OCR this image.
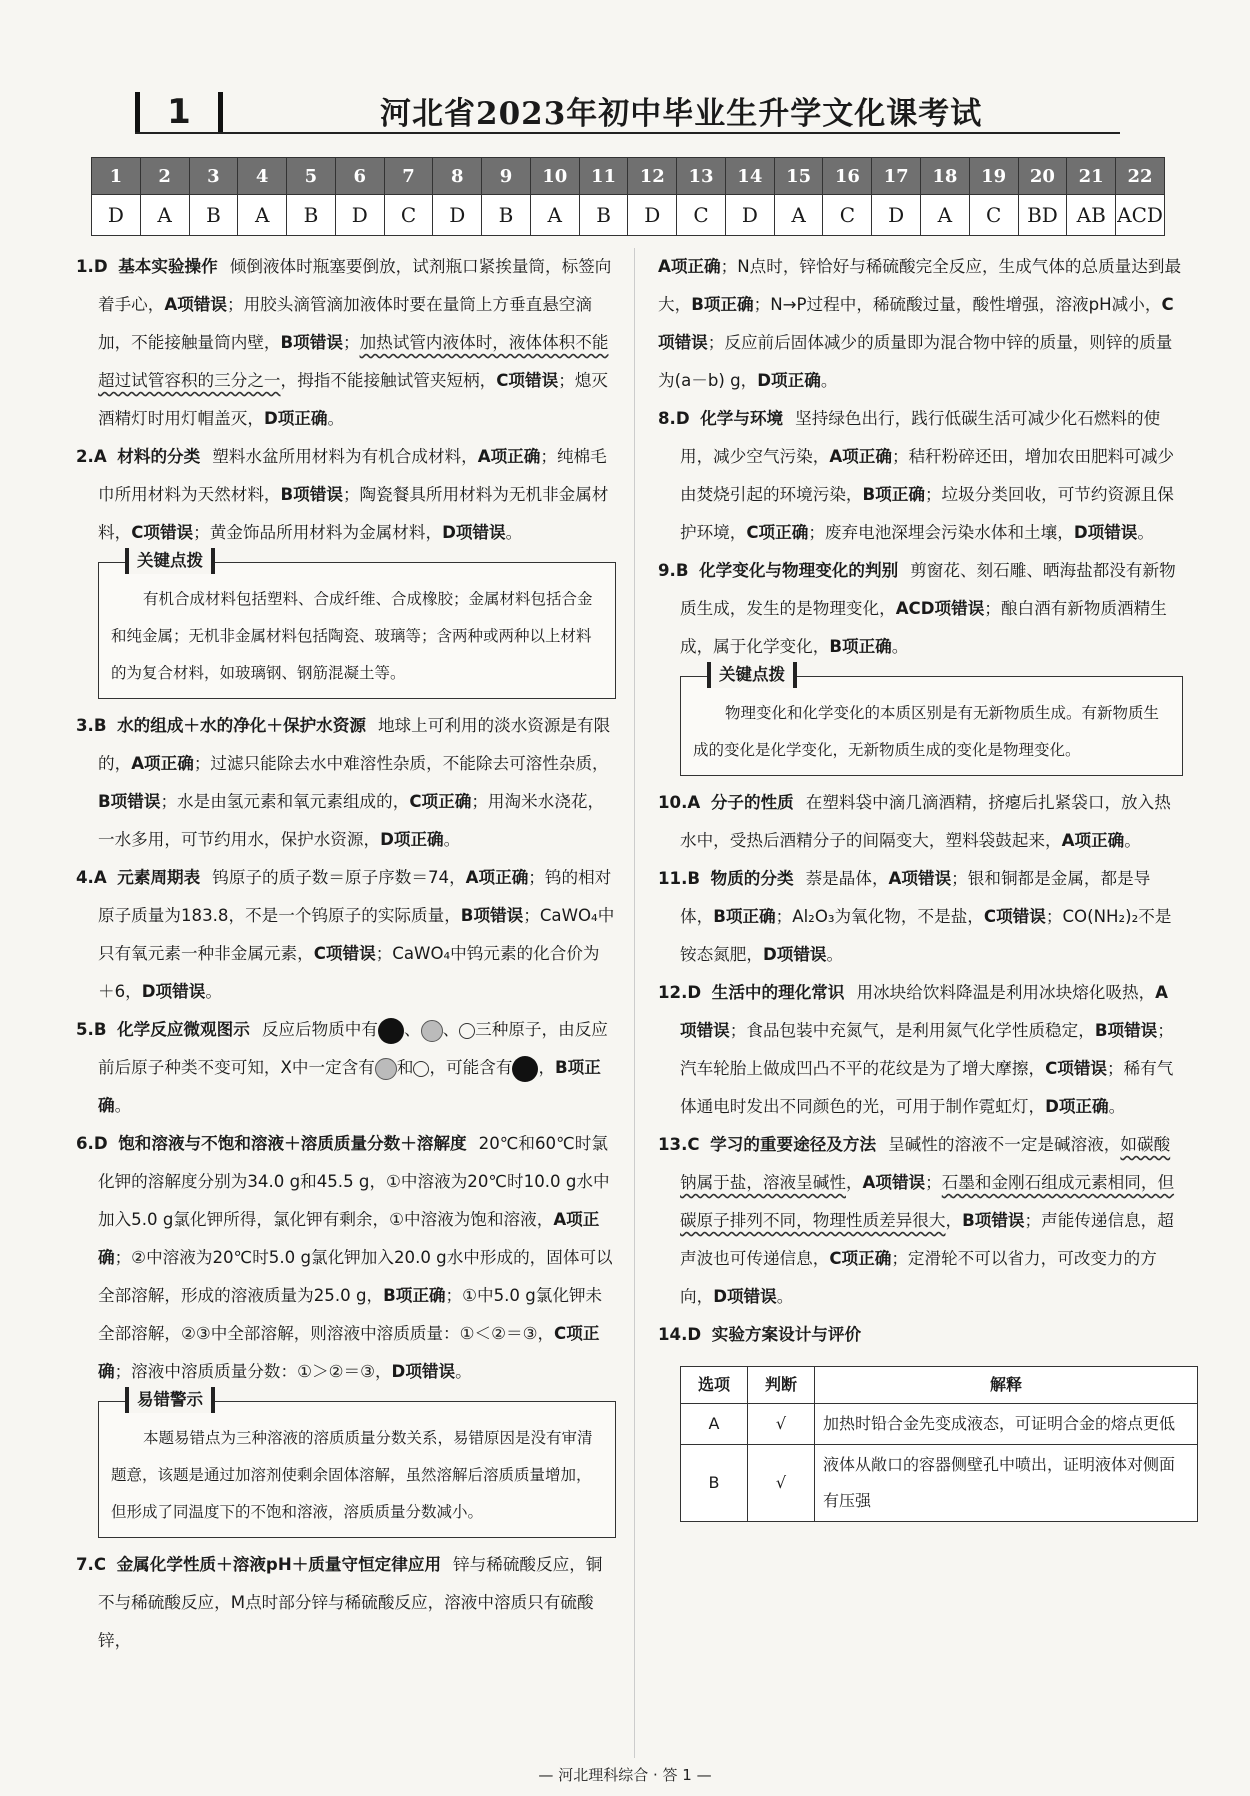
1	河北省2023年初中毕业生升学文化课考试
1	2	3	4	5	6	7	8	9	10	11	12	13	14	15	16	17	18	19	20	21	22
D	A	B	A	B	D	C	D	B	A	B	D	C	D	A	C	D	A	C	BD	AB	ACD

1.D 基本实验操作 倾倒液体时瓶塞要倒放，试剂瓶口紧挨量筒，标签向着手心，A项错误；用胶头滴管滴加液体时要在量筒上方垂直悬空滴加，不能接触量筒内壁，B项错误；加热试管内液体时，液体体积不能超过试管容积的三分之一，拇指不能接触试管夹短柄，C项错误；熄灭酒精灯时用灯帽盖灭，D项正确。

2.A 材料的分类 塑料水盆所用材料为有机合成材料，A项正确；纯棉毛巾所用材料为天然材料，B项错误；陶瓷餐具所用材料为无机非金属材料，C项错误；黄金饰品所用材料为金属材料，D项错误。

关键点拨

有机合成材料包括塑料、合成纤维、合成橡胶；金属材料包括合金和纯金属；无机非金属材料包括陶瓷、玻璃等；含两种或两种以上材料的为复合材料，如玻璃钢、钢筋混凝土等。

3.B 水的组成＋水的净化＋保护水资源 地球上可利用的淡水资源是有限的，A项正确；过滤只能除去水中难溶性杂质，不能除去可溶性杂质，B项错误；水是由氢元素和氧元素组成的，C项正确；用淘米水浇花，一水多用，可节约用水，保护水资源，D项正确。

4.A 元素周期表 钨原子的质子数＝原子序数＝74，A项正确；钨的相对原子质量为183.8，不是一个钨原子的实际质量，B项错误；CaWO₄中只有氧元素一种非金属元素，C项错误；CaWO₄中钨元素的化合价为＋6，D项错误。

5.B 化学反应微观图示 反应后物质中有 、 、 三种原子，由反应前后原子种类不变可知，X中一定含有 和 ，可能含有 ，B项正确。

6.D 饱和溶液与不饱和溶液＋溶质质量分数＋溶解度 20℃和60℃时氯化钾的溶解度分别为34.0 g和45.5 g，①中溶液为20℃时10.0 g水中加入5.0 g氯化钾所得，氯化钾有剩余，①中溶液为饱和溶液，A项正确；②中溶液为20℃时5.0 g氯化钾加入20.0 g水中形成的，固体可以全部溶解，形成的溶液质量为25.0 g，B项正确；①中5.0 g氯化钾未全部溶解，②③中全部溶解，则溶液中溶质质量：①＜②＝③，C项正确；溶液中溶质质量分数：①＞②＝③，D项错误。

易错警示

本题易错点为三种溶液的溶质质量分数关系，易错原因是没有审清题意，该题是通过加溶剂使剩余固体溶解，虽然溶解后溶质质量增加，但形成了同温度下的不饱和溶液，溶质质量分数减小。

7.C 金属化学性质＋溶液pH＋质量守恒定律应用 锌与稀硫酸反应，铜不与稀硫酸反应，M点时部分锌与稀硫酸反应，溶液中溶质只有硫酸锌，

A项正确；N点时，锌恰好与稀硫酸完全反应，生成气体的总质量达到最大，B项正确；N→P过程中，稀硫酸过量，酸性增强，溶液pH减小，C项错误；反应前后固体减少的质量即为混合物中锌的质量，则锌的质量为(a－b) g，D项正确。

8.D 化学与环境 坚持绿色出行，践行低碳生活可减少化石燃料的使用，减少空气污染，A项正确；秸秆粉碎还田，增加农田肥料可减少由焚烧引起的环境污染，B项正确；垃圾分类回收，可节约资源且保护环境，C项正确；废弃电池深埋会污染水体和土壤，D项错误。

9.B 化学变化与物理变化的判别 剪窗花、刻石雕、晒海盐都没有新物质生成，发生的是物理变化，ACD项错误；酿白酒有新物质酒精生成，属于化学变化，B项正确。

关键点拨

物理变化和化学变化的本质区别是有无新物质生成。有新物质生成的变化是化学变化，无新物质生成的变化是物理变化。

10.A 分子的性质 在塑料袋中滴几滴酒精，挤瘪后扎紧袋口，放入热水中，受热后酒精分子的间隔变大，塑料袋鼓起来，A项正确。

11.B 物质的分类 萘是晶体，A项错误；银和铜都是金属，都是导体，B项正确；Al₂O₃为氧化物，不是盐，C项错误；CO(NH₂)₂不是铵态氮肥，D项错误。

12.D 生活中的理化常识 用冰块给饮料降温是利用冰块熔化吸热，A项错误；食品包装中充氮气，是利用氮气化学性质稳定，B项错误；汽车轮胎上做成凹凸不平的花纹是为了增大摩擦，C项错误；稀有气体通电时发出不同颜色的光，可用于制作霓虹灯，D项正确。

13.C 学习的重要途径及方法 呈碱性的溶液不一定是碱溶液，如碳酸钠属于盐，溶液呈碱性，A项错误；石墨和金刚石组成元素相同，但碳原子排列不同，物理性质差异很大，B项错误；声能传递信息，超声波也可传递信息，C项正确；定滑轮不可以省力，可改变力的方向，D项错误。

14.D 实验方案设计与评价

选项	判断	解释
A	√	加热时铅合金先变成液态，可证明合金的熔点更低
B	√	液体从敞口的容器侧壁孔中喷出，证明液体对侧面有压强
— 河北理科综合 · 答 1 —
